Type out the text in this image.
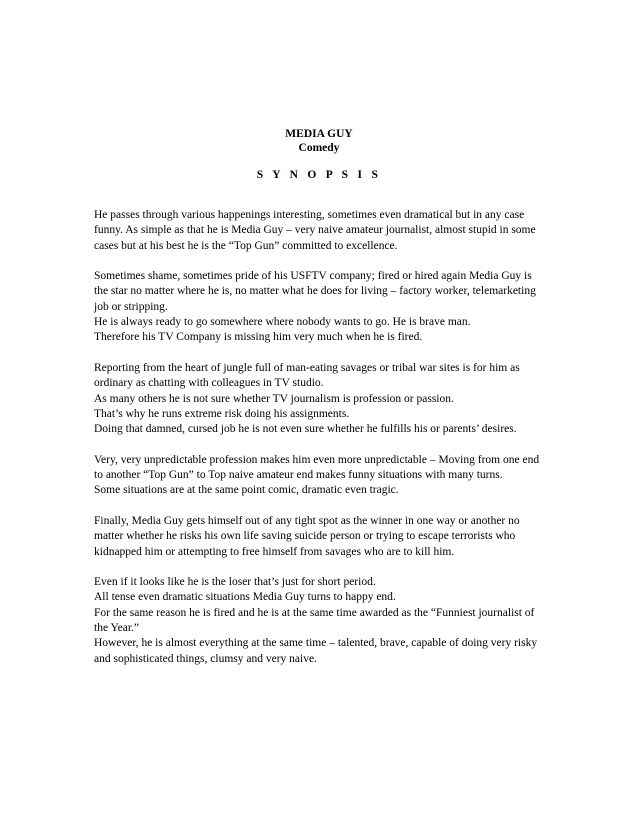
MEDIA GUY
Comedy
S Y N O P S I S

He passes through various happenings interesting, sometimes even dramatical but in any case
funny. As simple as that he is Media Guy – very naive amateur journalist, almost stupid in some
cases but at his best he is the “Top Gun” committed to excellence.

Sometimes shame, sometimes pride of his USFTV company; fired or hired again Media Guy is
the star no matter where he is, no matter what he does for living – factory worker, telemarketing
job or stripping.
He is always ready to go somewhere where nobody wants to go. He is brave man.
Therefore his TV Company is missing him very much when he is fired.

Reporting from the heart of jungle full of man-eating savages or tribal war sites is for him as
ordinary as chatting with colleagues in TV studio.
As many others he is not sure whether TV journalism is profession or passion.
That’s why he runs extreme risk doing his assignments.
Doing that damned, cursed job he is not even sure whether he fulfills his or parents’ desires.

Very, very unpredictable profession makes him even more unpredictable – Moving from one end
to another “Top Gun” to Top naive amateur end makes funny situations with many turns.
Some situations are at the same point comic, dramatic even tragic.

Finally, Media Guy gets himself out of any tight spot as the winner in one way or another no
matter whether he risks his own life saving suicide person or trying to escape terrorists who
kidnapped him or attempting to free himself from savages who are to kill him.

Even if it looks like he is the loser that’s just for short period.
All tense even dramatic situations Media Guy turns to happy end.
For the same reason he is fired and he is at the same time awarded as the “Funniest journalist of
the Year.”
However, he is almost everything at the same time – talented, brave, capable of doing very risky
and sophisticated things, clumsy and very naive.
